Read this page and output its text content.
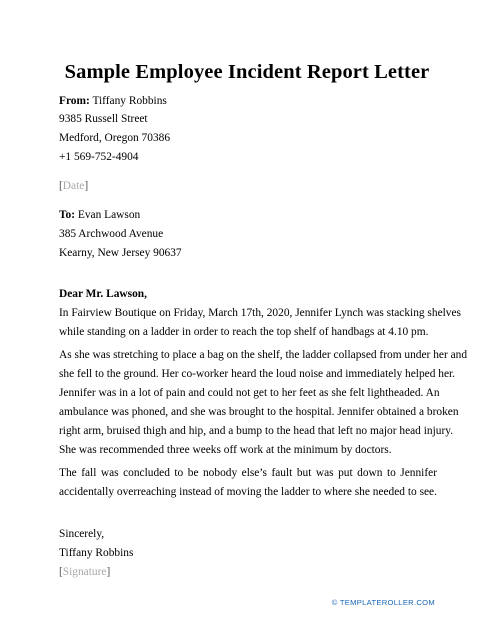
Sample Employee Incident Report Letter
From: Tiffany Robbins
9385 Russell Street
Medford, Oregon 70386
+1 569-752-4904
[Date]
To: Evan Lawson
385 Archwood Avenue
Kearny, New Jersey 90637
Dear Mr. Lawson,
In Fairview Boutique on Friday, March 17th, 2020, Jennifer Lynch was stacking shelves
while standing on a ladder in order to reach the top shelf of handbags at 4.10 pm.
As she was stretching to place a bag on the shelf, the ladder collapsed from under her and
she fell to the ground. Her co-worker heard the loud noise and immediately helped her.
Jennifer was in a lot of pain and could not get to her feet as she felt lightheaded. An
ambulance was phoned, and she was brought to the hospital. Jennifer obtained a broken
right arm, bruised thigh and hip, and a bump to the head that left no major head injury.
She was recommended three weeks off work at the minimum by doctors.
The fall was concluded to be nobody else’s fault but was put down to Jennifer
accidentally overreaching instead of moving the ladder to where she needed to see.
Sincerely,
Tiffany Robbins
[Signature]
© TEMPLATEROLLER.COM
